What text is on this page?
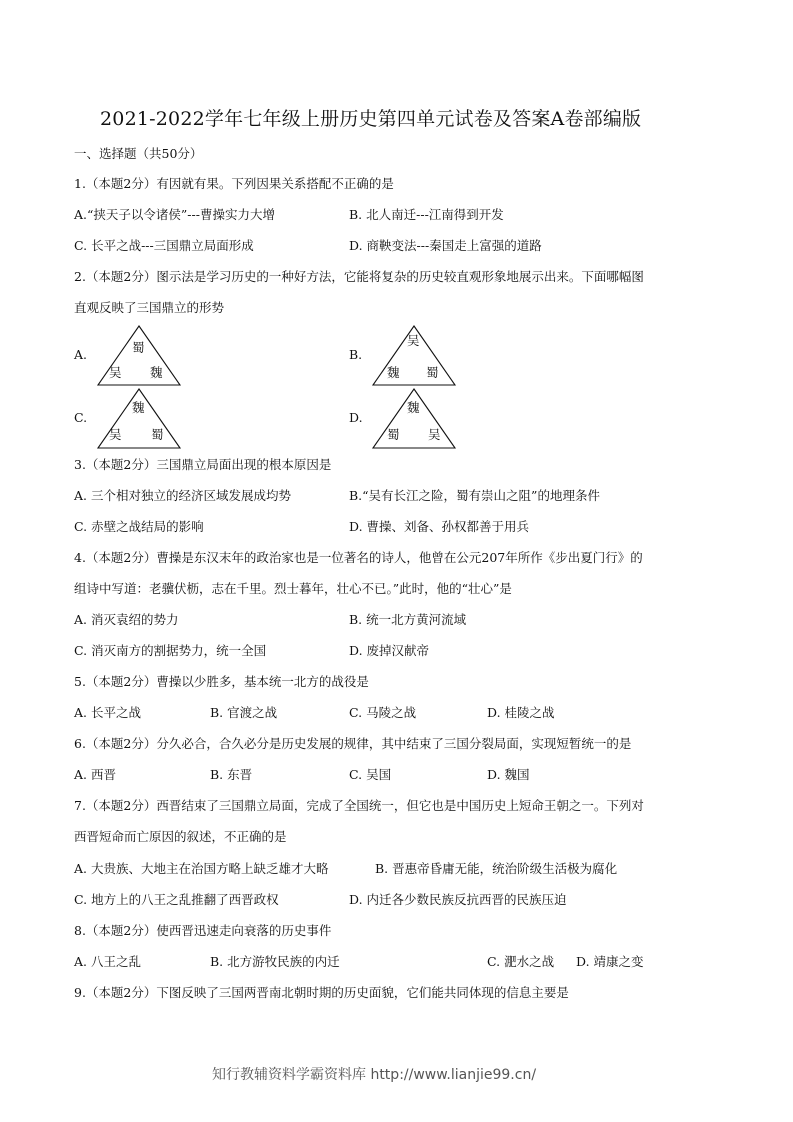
2021-2022学年七年级上册历史第四单元试卷及答案A卷部编版
一、选择题（共50分）
1.（本题2分）有因就有果。下列因果关系搭配不正确的是
A.“挟天子以令诸侯”---曹操实力大增	B. 北人南迁---江南得到开发
C. 长平之战---三国鼎立局面形成	D. 商鞅变法---秦国走上富强的道路
2.（本题2分）图示法是学习历史的一种好方法，它能将复杂的历史较直观形象地展示出来。下面哪幅图
直观反映了三国鼎立的形势
A.	蜀
吴 魏
B.
吴
魏 蜀
C.
魏
吴 蜀
D.
魏
蜀 吴
3.（本题2分）三国鼎立局面出现的根本原因是
A. 三个相对独立的经济区域发展成均势	B.“吴有长江之险，蜀有崇山之阻”的地理条件
C. 赤壁之战结局的影响	D. 曹操、刘备、孙权都善于用兵
4.（本题2分）曹操是东汉末年的政治家也是一位著名的诗人，他曾在公元207年所作《步出夏门行》的
组诗中写道：老骥伏枥，志在千里。烈士暮年，壮心不已。”此时，他的“壮心”是
A. 消灭袁绍的势力	B. 统一北方黄河流域
C. 消灭南方的割据势力，统一全国	D. 废掉汉献帝
5.（本题2分）曹操以少胜多，基本统一北方的战役是
A. 长平之战	B. 官渡之战	C. 马陵之战	D. 桂陵之战
6.（本题2分）分久必合，合久必分是历史发展的规律，其中结束了三国分裂局面，实现短暂统一的是
A. 西晋	B. 东晋	C. 吴国	D. 魏国
7.（本题2分）西晋结束了三国鼎立局面，完成了全国统一，但它也是中国历史上短命王朝之一。下列对
西晋短命而亡原因的叙述，不正确的是
A. 大贵族、大地主在治国方略上缺乏雄才大略	B. 晋惠帝昏庸无能，统治阶级生活极为腐化
C. 地方上的八王之乱推翻了西晋政权	D. 内迁各少数民族反抗西晋的民族压迫
8.（本题2分）使西晋迅速走向衰落的历史事件
A. 八王之乱	B. 北方游牧民族的内迁	C. 淝水之战 D. 靖康之变
9.（本题2分）下图反映了三国两晋南北朝时期的历史面貌，它们能共同体现的信息主要是
知行教辅资料学霸资料库 http://www.lianjie99.cn/
